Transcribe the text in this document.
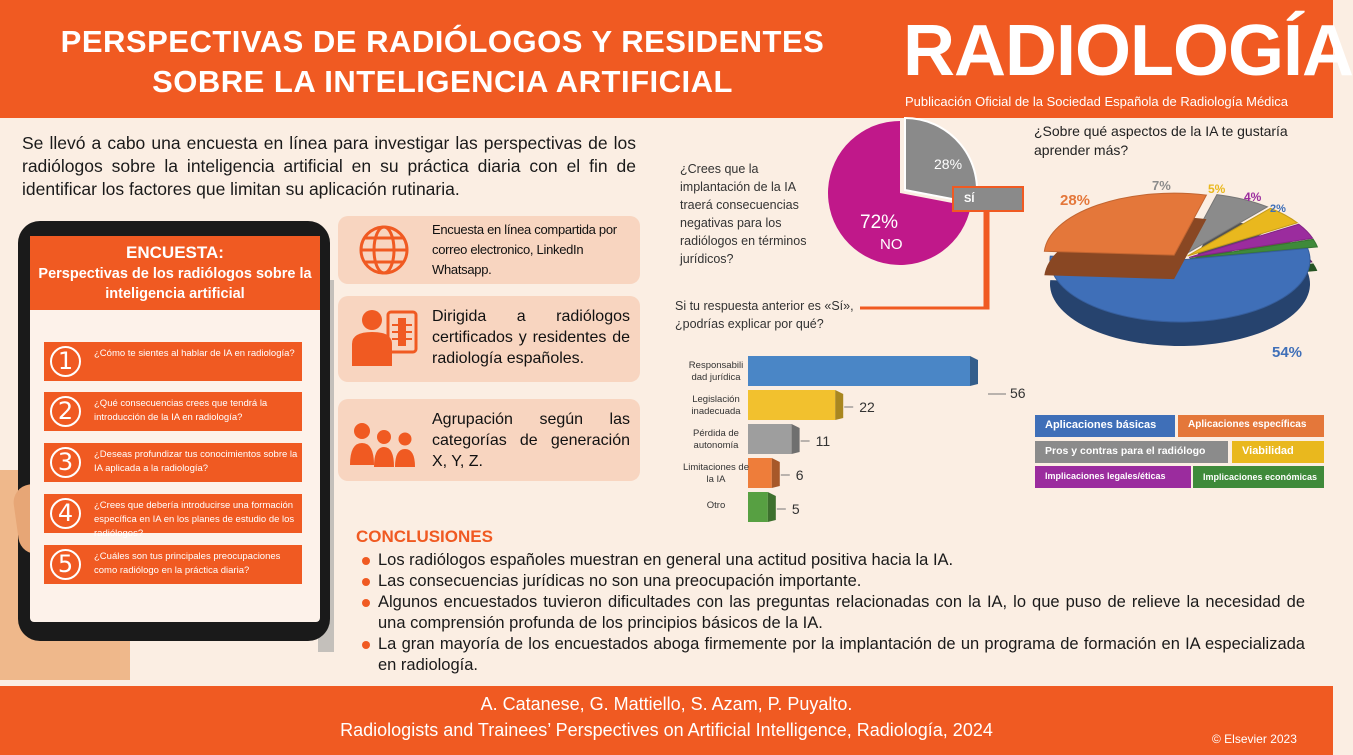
PERSPECTIVAS DE RADIÓLOGOS Y RESIDENTES
SOBRE LA INTELIGENCIA ARTIFICIAL	RADIOLOGÍA
Publicación Oficial de la Sociedad Española de Radiología Médica

Se llevó a cabo una encuesta en línea para investigar las perspectivas de los radiólogos sobre la inteligencia artificial en su práctica diaria con el fin de identificar los factores que limitan su aplicación rutinaria.

ENCUESTA:
Perspectivas de los radiólogos sobre la inteligencia artificial
1	¿Cómo te sientes al hablar de IA en radiología?
2	¿Qué consecuencias crees que tendrá la introducción de la IA en radiología?
3	¿Deseas profundizar tus conocimientos sobre la IA aplicada a la radiología?
4	¿Crees que debería introducirse una formación específica en IA en los planes de estudio de los radiólogos?
5	¿Cuáles son tus principales preocupaciones como radiólogo en la práctica diaria?
Encuesta en línea compartida por correo electronico, LinkedIn Whatsapp.
Dirigida a radiólogos certificados y residentes de radiología españoles.
Agrupación según las categorías de generación X, Y, Z.
¿Crees que la implantación de la IA traerá consecuencias negativas para los radiólogos en términos jurídicos?
28%
72%
NO
SÍ
Si tu respuesta anterior es «Sí», ¿podrías explicar por qué?
56
Responsabili
dad jurídica
22
Legislación
inadecuada
11
Pérdida de
autonomía
6
Limitaciones de
la IA
5
Otro
¿Sobre qué aspectos de la IA te gustaría aprender más?
28%
7%	5%
4%
2%
54%
Aplicaciones básicas	Aplicaciones específicas
Pros y contras para el radiólogo	Viabilidad
Implicaciones legales/éticas	Implicaciones económicas
CONCLUSIONES
Los radiólogos españoles muestran en general una actitud positiva hacia la IA.
Las consecuencias jurídicas no son una preocupación importante.
Algunos encuestados tuvieron dificultades con las preguntas relacionadas con la IA, lo que puso de relieve la necesidad de una comprensión profunda de los principios básicos de la IA.
La gran mayoría de los encuestados aboga firmemente por la implantación de un programa de formación en IA especializada en radiología.
A. Catanese, G. Mattiello, S. Azam, P. Puyalto.
Radiologists and Trainees’ Perspectives on Artificial Intelligence, Radiología, 2024	© Elsevier 2023
